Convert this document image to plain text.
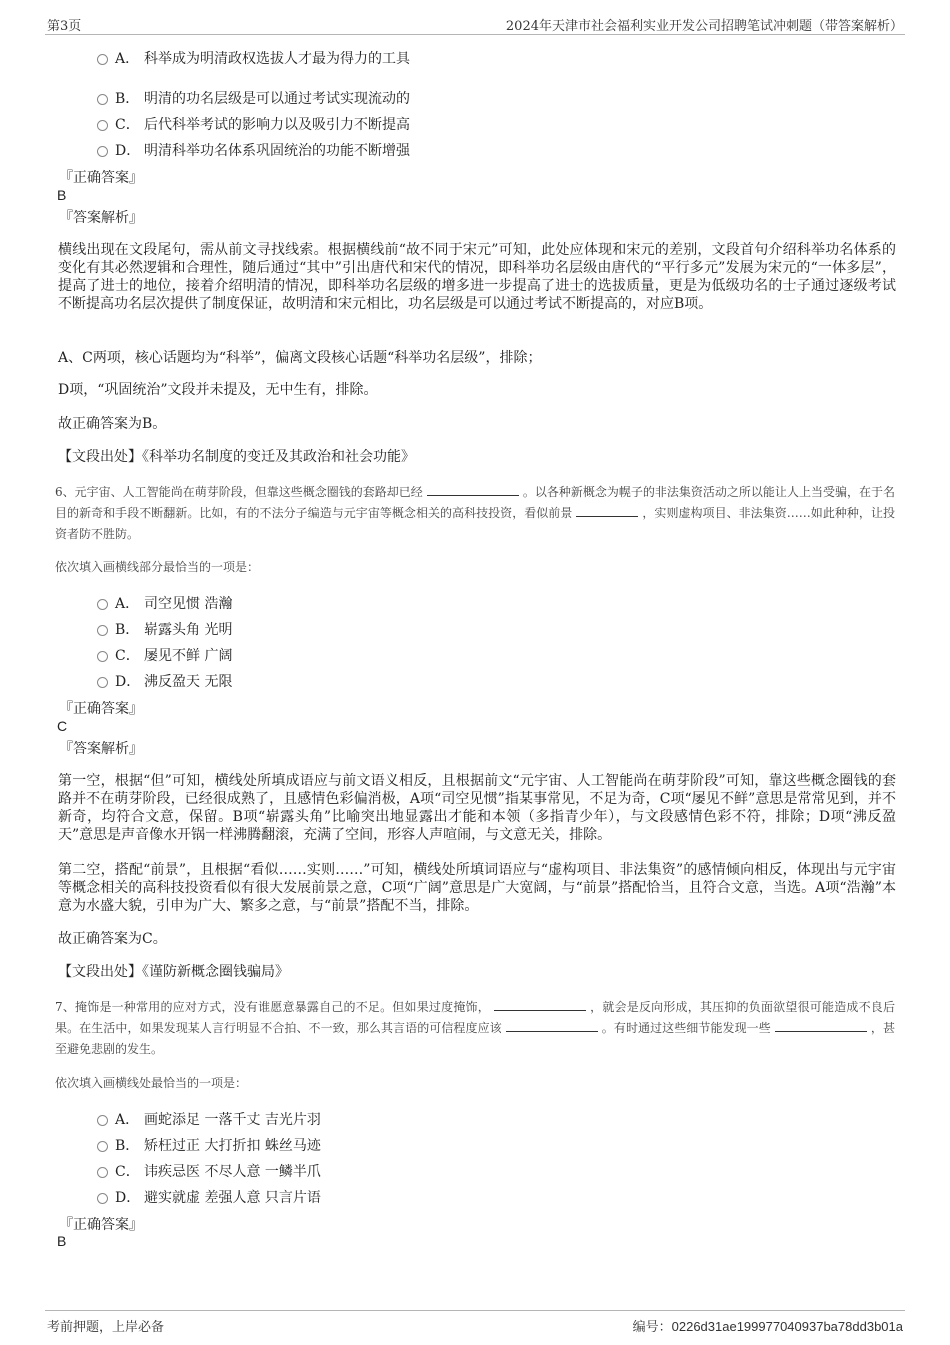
第3页	2024年天津市社会福利实业开发公司招聘笔试冲刺题（带答案解析）
A． 科举成为明清政权选拔人才最为得力的工具
B． 明清的功名层级是可以通过考试实现流动的
C． 后代科举考试的影响力以及吸引力不断提高
D． 明清科举功名体系巩固统治的功能不断增强
『正确答案』
B
『答案解析』
横线出现在文段尾句，需从前文寻找线索。根据横线前“故不同于宋元”可知，此处应体现和宋元的差别，文段首句介绍科举功名体系的变化有其必然逻辑和合理性，随后通过“其中”引出唐代和宋代的情况，即科举功名层级由唐代的“平行多元”发展为宋元的“一体多层”，提高了进士的地位，接着介绍明清的情况，即科举功名层级的增多进一步提高了进士的选拔质量，更是为低级功名的士子通过逐级考试不断提高功名层次提供了制度保证，故明清和宋元相比，功名层级是可以通过考试不断提高的，对应B项。
A、C两项，核心话题均为“科举”，偏离文段核心话题“科举功名层级”，排除；
D项，“巩固统治”文段并未提及，无中生有，排除。
故正确答案为B。
【文段出处】《科举功名制度的变迁及其政治和社会功能》
6、元宇宙、人工智能尚在萌芽阶段，但靠这些概念圈钱的套路却已经	。以各种新概念为幌子的非法集资活动之所以能让人上当受骗，在于名目的新奇和手段不断翻新。比如，有的不法分子编造与元宇宙等概念相关的高科技投资，看似前景	，实则虚构项目、非法集资……如此种种，让投资者防不胜防。
依次填入画横线部分最恰当的一项是：
A． 司空见惯 浩瀚
B． 崭露头角 光明
C． 屡见不鲜 广阔
D． 沸反盈天 无限
『正确答案』
C
『答案解析』
第一空，根据“但”可知，横线处所填成语应与前文语义相反，且根据前文“元宇宙、人工智能尚在萌芽阶段”可知，靠这些概念圈钱的套路并不在萌芽阶段，已经很成熟了，且感情色彩偏消极，A项“司空见惯”指某事常见，不足为奇，C项“屡见不鲜”意思是常常见到，并不新奇，均符合文意，保留。B项“崭露头角”比喻突出地显露出才能和本领（多指青少年），与文段感情色彩不符，排除；D项“沸反盈天”意思是声音像水开锅一样沸腾翻滚，充满了空间，形容人声喧闹，与文意无关，排除。
第二空，搭配“前景”，且根据“看似……实则……”可知，横线处所填词语应与“虚构项目、非法集资”的感情倾向相反，体现出与元宇宙等概念相关的高科技投资看似有很大发展前景之意，C项“广阔”意思是广大宽阔，与“前景”搭配恰当，且符合文意，当选。A项“浩瀚”本意为水盛大貌，引申为广大、繁多之意，与“前景”搭配不当，排除。
故正确答案为C。
【文段出处】《谨防新概念圈钱骗局》
7、掩饰是一种常用的应对方式，没有谁愿意暴露自己的不足。但如果过度掩饰，	，就会是反向形成，其压抑的负面欲望很可能造成不良后果。在生活中，如果发现某人言行明显不合拍、不一致，那么其言语的可信程度应该	。有时通过这些细节能发现一些	，甚至避免悲剧的发生。
依次填入画横线处最恰当的一项是：
A． 画蛇添足 一落千丈 吉光片羽
B． 矫枉过正 大打折扣 蛛丝马迹
C． 讳疾忌医 不尽人意 一鳞半爪
D． 避实就虚 差强人意 只言片语
『正确答案』
B
考前押题，上岸必备	编号：0226d31ae199977040937ba78dd3b01a
